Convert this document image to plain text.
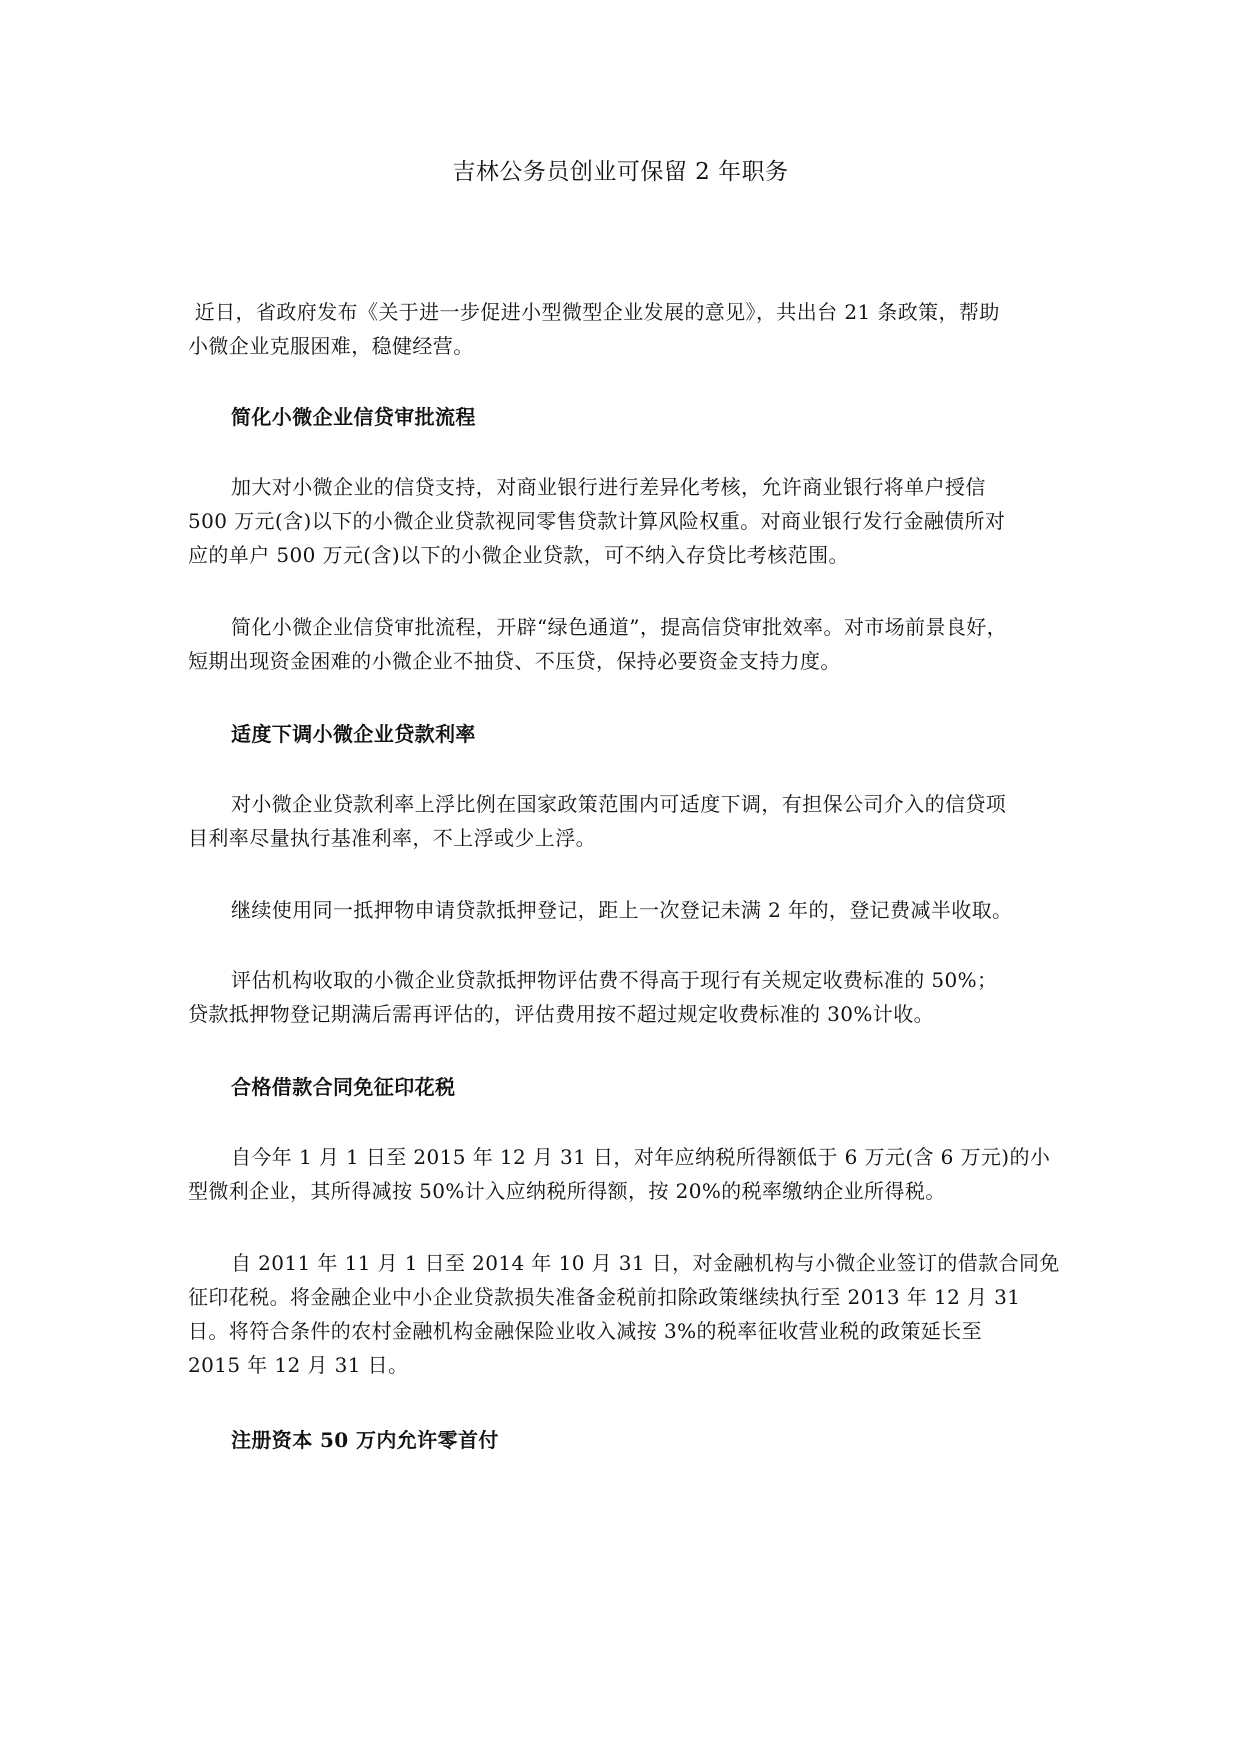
吉林公务员创业可保留 2 年职务
近日，省政府发布《关于进一步促进小型微型企业发展的意见》，共出台 21 条政策，帮助
小微企业克服困难，稳健经营。
简化小微企业信贷审批流程
加大对小微企业的信贷支持，对商业银行进行差异化考核，允许商业银行将单户授信
500 万元(含)以下的小微企业贷款视同零售贷款计算风险权重。对商业银行发行金融债所对
应的单户 500 万元(含)以下的小微企业贷款，可不纳入存贷比考核范围。
简化小微企业信贷审批流程，开辟“绿色通道”，提高信贷审批效率。对市场前景良好，
短期出现资金困难的小微企业不抽贷、不压贷，保持必要资金支持力度。
适度下调小微企业贷款利率
对小微企业贷款利率上浮比例在国家政策范围内可适度下调，有担保公司介入的信贷项
目利率尽量执行基准利率，不上浮或少上浮。
继续使用同一抵押物申请贷款抵押登记，距上一次登记未满 2 年的，登记费减半收取。
评估机构收取的小微企业贷款抵押物评估费不得高于现行有关规定收费标准的 50%；
贷款抵押物登记期满后需再评估的，评估费用按不超过规定收费标准的 30%计收。
合格借款合同免征印花税
自今年 1 月 1 日至 2015 年 12 月 31 日，对年应纳税所得额低于 6 万元(含 6 万元)的小
型微利企业，其所得减按 50%计入应纳税所得额，按 20%的税率缴纳企业所得税。
自 2011 年 11 月 1 日至 2014 年 10 月 31 日，对金融机构与小微企业签订的借款合同免
征印花税。将金融企业中小企业贷款损失准备金税前扣除政策继续执行至 2013 年 12 月 31
日。将符合条件的农村金融机构金融保险业收入减按 3%的税率征收营业税的政策延长至
2015 年 12 月 31 日。
注册资本 50 万内允许零首付
